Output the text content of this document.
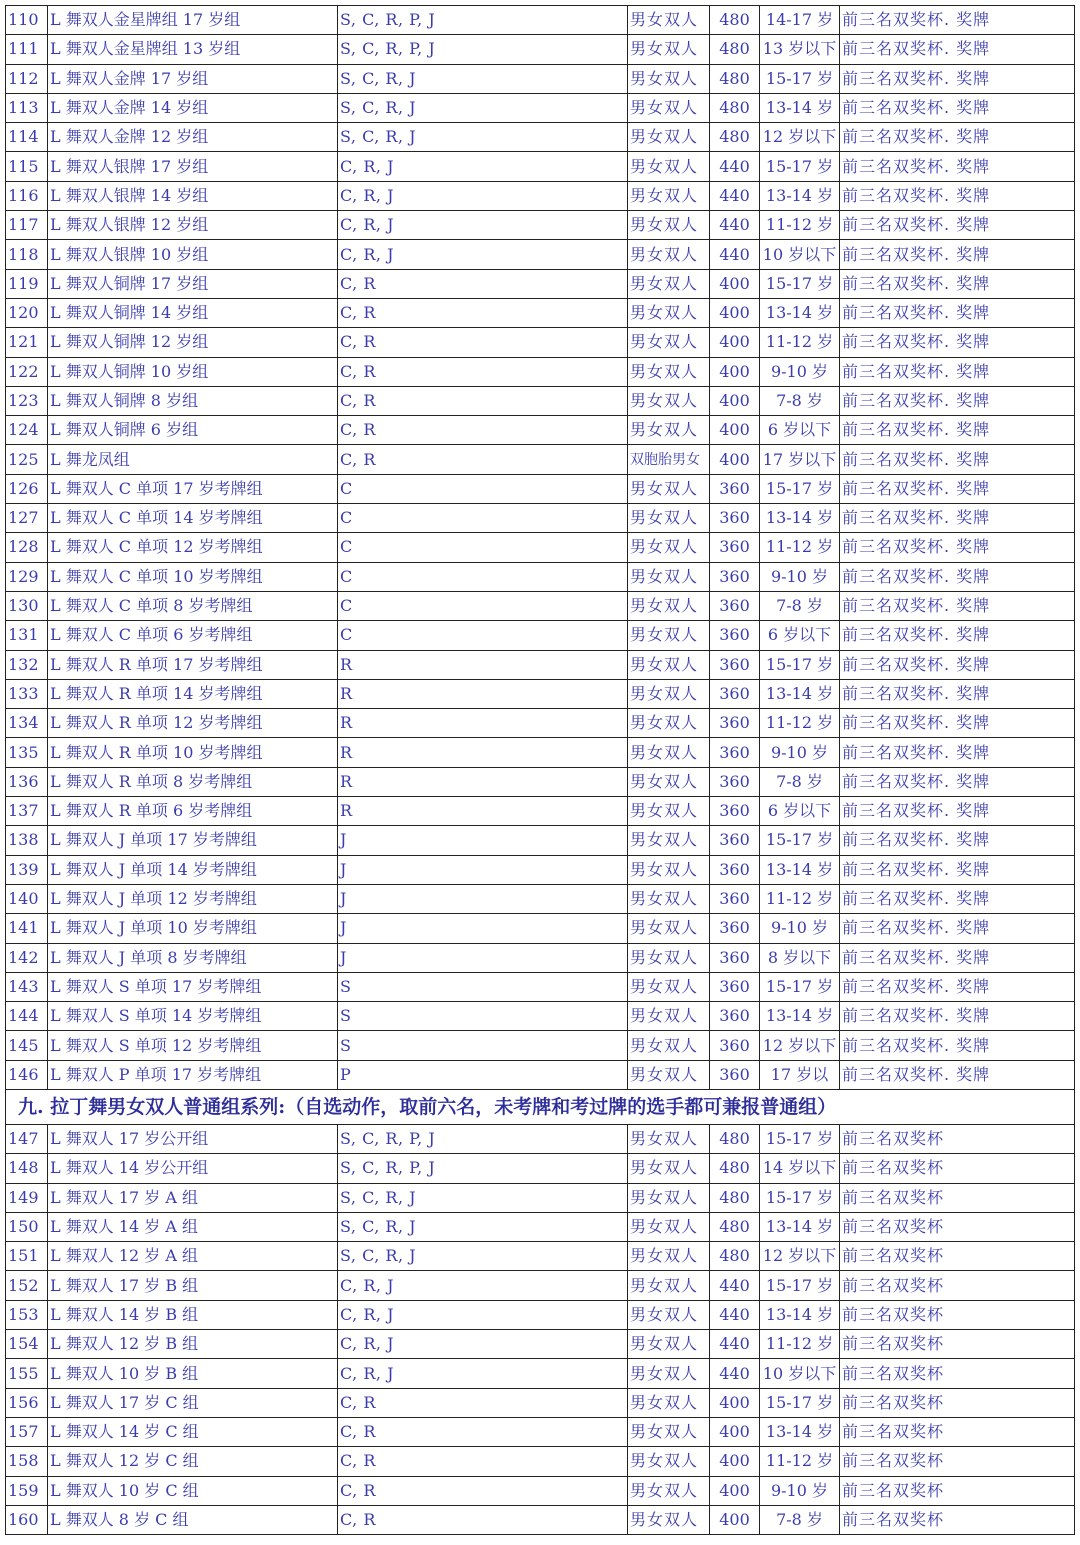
110	L 舞双人金星牌组 17 岁组	S, C, R, P, J	男女双人	480	14-17 岁	前三名双奖杯. 奖牌
111	L 舞双人金星牌组 13 岁组	S, C, R, P, J	男女双人	480	13 岁以下	前三名双奖杯. 奖牌
112	L 舞双人金牌 17 岁组	S, C, R, J	男女双人	480	15-17 岁	前三名双奖杯. 奖牌
113	L 舞双人金牌 14 岁组	S, C, R, J	男女双人	480	13-14 岁	前三名双奖杯. 奖牌
114	L 舞双人金牌 12 岁组	S, C, R, J	男女双人	480	12 岁以下	前三名双奖杯. 奖牌
115	L 舞双人银牌 17 岁组	C, R, J	男女双人	440	15-17 岁	前三名双奖杯. 奖牌
116	L 舞双人银牌 14 岁组	C, R, J	男女双人	440	13-14 岁	前三名双奖杯. 奖牌
117	L 舞双人银牌 12 岁组	C, R, J	男女双人	440	11-12 岁	前三名双奖杯. 奖牌
118	L 舞双人银牌 10 岁组	C, R, J	男女双人	440	10 岁以下	前三名双奖杯. 奖牌
119	L 舞双人铜牌 17 岁组	C, R	男女双人	400	15-17 岁	前三名双奖杯. 奖牌
120	L 舞双人铜牌 14 岁组	C, R	男女双人	400	13-14 岁	前三名双奖杯. 奖牌
121	L 舞双人铜牌 12 岁组	C, R	男女双人	400	11-12 岁	前三名双奖杯. 奖牌
122	L 舞双人铜牌 10 岁组	C, R	男女双人	400	9-10 岁	前三名双奖杯. 奖牌
123	L 舞双人铜牌 8 岁组	C, R	男女双人	400	7-8 岁	前三名双奖杯. 奖牌
124	L 舞双人铜牌 6 岁组	C, R	男女双人	400	6 岁以下	前三名双奖杯. 奖牌
125	L 舞龙凤组	C, R	双胞胎男女	400	17 岁以下	前三名双奖杯. 奖牌
126	L 舞双人 C 单项 17 岁考牌组	C	男女双人	360	15-17 岁	前三名双奖杯. 奖牌
127	L 舞双人 C 单项 14 岁考牌组	C	男女双人	360	13-14 岁	前三名双奖杯. 奖牌
128	L 舞双人 C 单项 12 岁考牌组	C	男女双人	360	11-12 岁	前三名双奖杯. 奖牌
129	L 舞双人 C 单项 10 岁考牌组	C	男女双人	360	9-10 岁	前三名双奖杯. 奖牌
130	L 舞双人 C 单项 8 岁考牌组	C	男女双人	360	7-8 岁	前三名双奖杯. 奖牌
131	L 舞双人 C 单项 6 岁考牌组	C	男女双人	360	6 岁以下	前三名双奖杯. 奖牌
132	L 舞双人 R 单项 17 岁考牌组	R	男女双人	360	15-17 岁	前三名双奖杯. 奖牌
133	L 舞双人 R 单项 14 岁考牌组	R	男女双人	360	13-14 岁	前三名双奖杯. 奖牌
134	L 舞双人 R 单项 12 岁考牌组	R	男女双人	360	11-12 岁	前三名双奖杯. 奖牌
135	L 舞双人 R 单项 10 岁考牌组	R	男女双人	360	9-10 岁	前三名双奖杯. 奖牌
136	L 舞双人 R 单项 8 岁考牌组	R	男女双人	360	7-8 岁	前三名双奖杯. 奖牌
137	L 舞双人 R 单项 6 岁考牌组	R	男女双人	360	6 岁以下	前三名双奖杯. 奖牌
138	L 舞双人 J 单项 17 岁考牌组	J	男女双人	360	15-17 岁	前三名双奖杯. 奖牌
139	L 舞双人 J 单项 14 岁考牌组	J	男女双人	360	13-14 岁	前三名双奖杯. 奖牌
140	L 舞双人 J 单项 12 岁考牌组	J	男女双人	360	11-12 岁	前三名双奖杯. 奖牌
141	L 舞双人 J 单项 10 岁考牌组	J	男女双人	360	9-10 岁	前三名双奖杯. 奖牌
142	L 舞双人 J 单项 8 岁考牌组	J	男女双人	360	8 岁以下	前三名双奖杯. 奖牌
143	L 舞双人 S 单项 17 岁考牌组	S	男女双人	360	15-17 岁	前三名双奖杯. 奖牌
144	L 舞双人 S 单项 14 岁考牌组	S	男女双人	360	13-14 岁	前三名双奖杯. 奖牌
145	L 舞双人 S 单项 12 岁考牌组	S	男女双人	360	12 岁以下	前三名双奖杯. 奖牌
146	L 舞双人 P 单项 17 岁考牌组	P	男女双人	360	17 岁以	前三名双奖杯. 奖牌
九. 拉丁舞男女双人普通组系列:（自选动作，取前六名，未考牌和考过牌的选手都可兼报普通组）						
147	L 舞双人 17 岁公开组	S, C, R, P, J	男女双人	480	15-17 岁	前三名双奖杯
148	L 舞双人 14 岁公开组	S, C, R, P, J	男女双人	480	14 岁以下	前三名双奖杯
149	L 舞双人 17 岁 A 组	S, C, R, J	男女双人	480	15-17 岁	前三名双奖杯
150	L 舞双人 14 岁 A 组	S, C, R, J	男女双人	480	13-14 岁	前三名双奖杯
151	L 舞双人 12 岁 A 组	S, C, R, J	男女双人	480	12 岁以下	前三名双奖杯
152	L 舞双人 17 岁 B 组	C, R, J	男女双人	440	15-17 岁	前三名双奖杯
153	L 舞双人 14 岁 B 组	C, R, J	男女双人	440	13-14 岁	前三名双奖杯
154	L 舞双人 12 岁 B 组	C, R, J	男女双人	440	11-12 岁	前三名双奖杯
155	L 舞双人 10 岁 B 组	C, R, J	男女双人	440	10 岁以下	前三名双奖杯
156	L 舞双人 17 岁 C 组	C, R	男女双人	400	15-17 岁	前三名双奖杯
157	L 舞双人 14 岁 C 组	C, R	男女双人	400	13-14 岁	前三名双奖杯
158	L 舞双人 12 岁 C 组	C, R	男女双人	400	11-12 岁	前三名双奖杯
159	L 舞双人 10 岁 C 组	C, R	男女双人	400	9-10 岁	前三名双奖杯
160	L 舞双人 8 岁 C 组	C, R	男女双人	400	7-8 岁	前三名双奖杯
